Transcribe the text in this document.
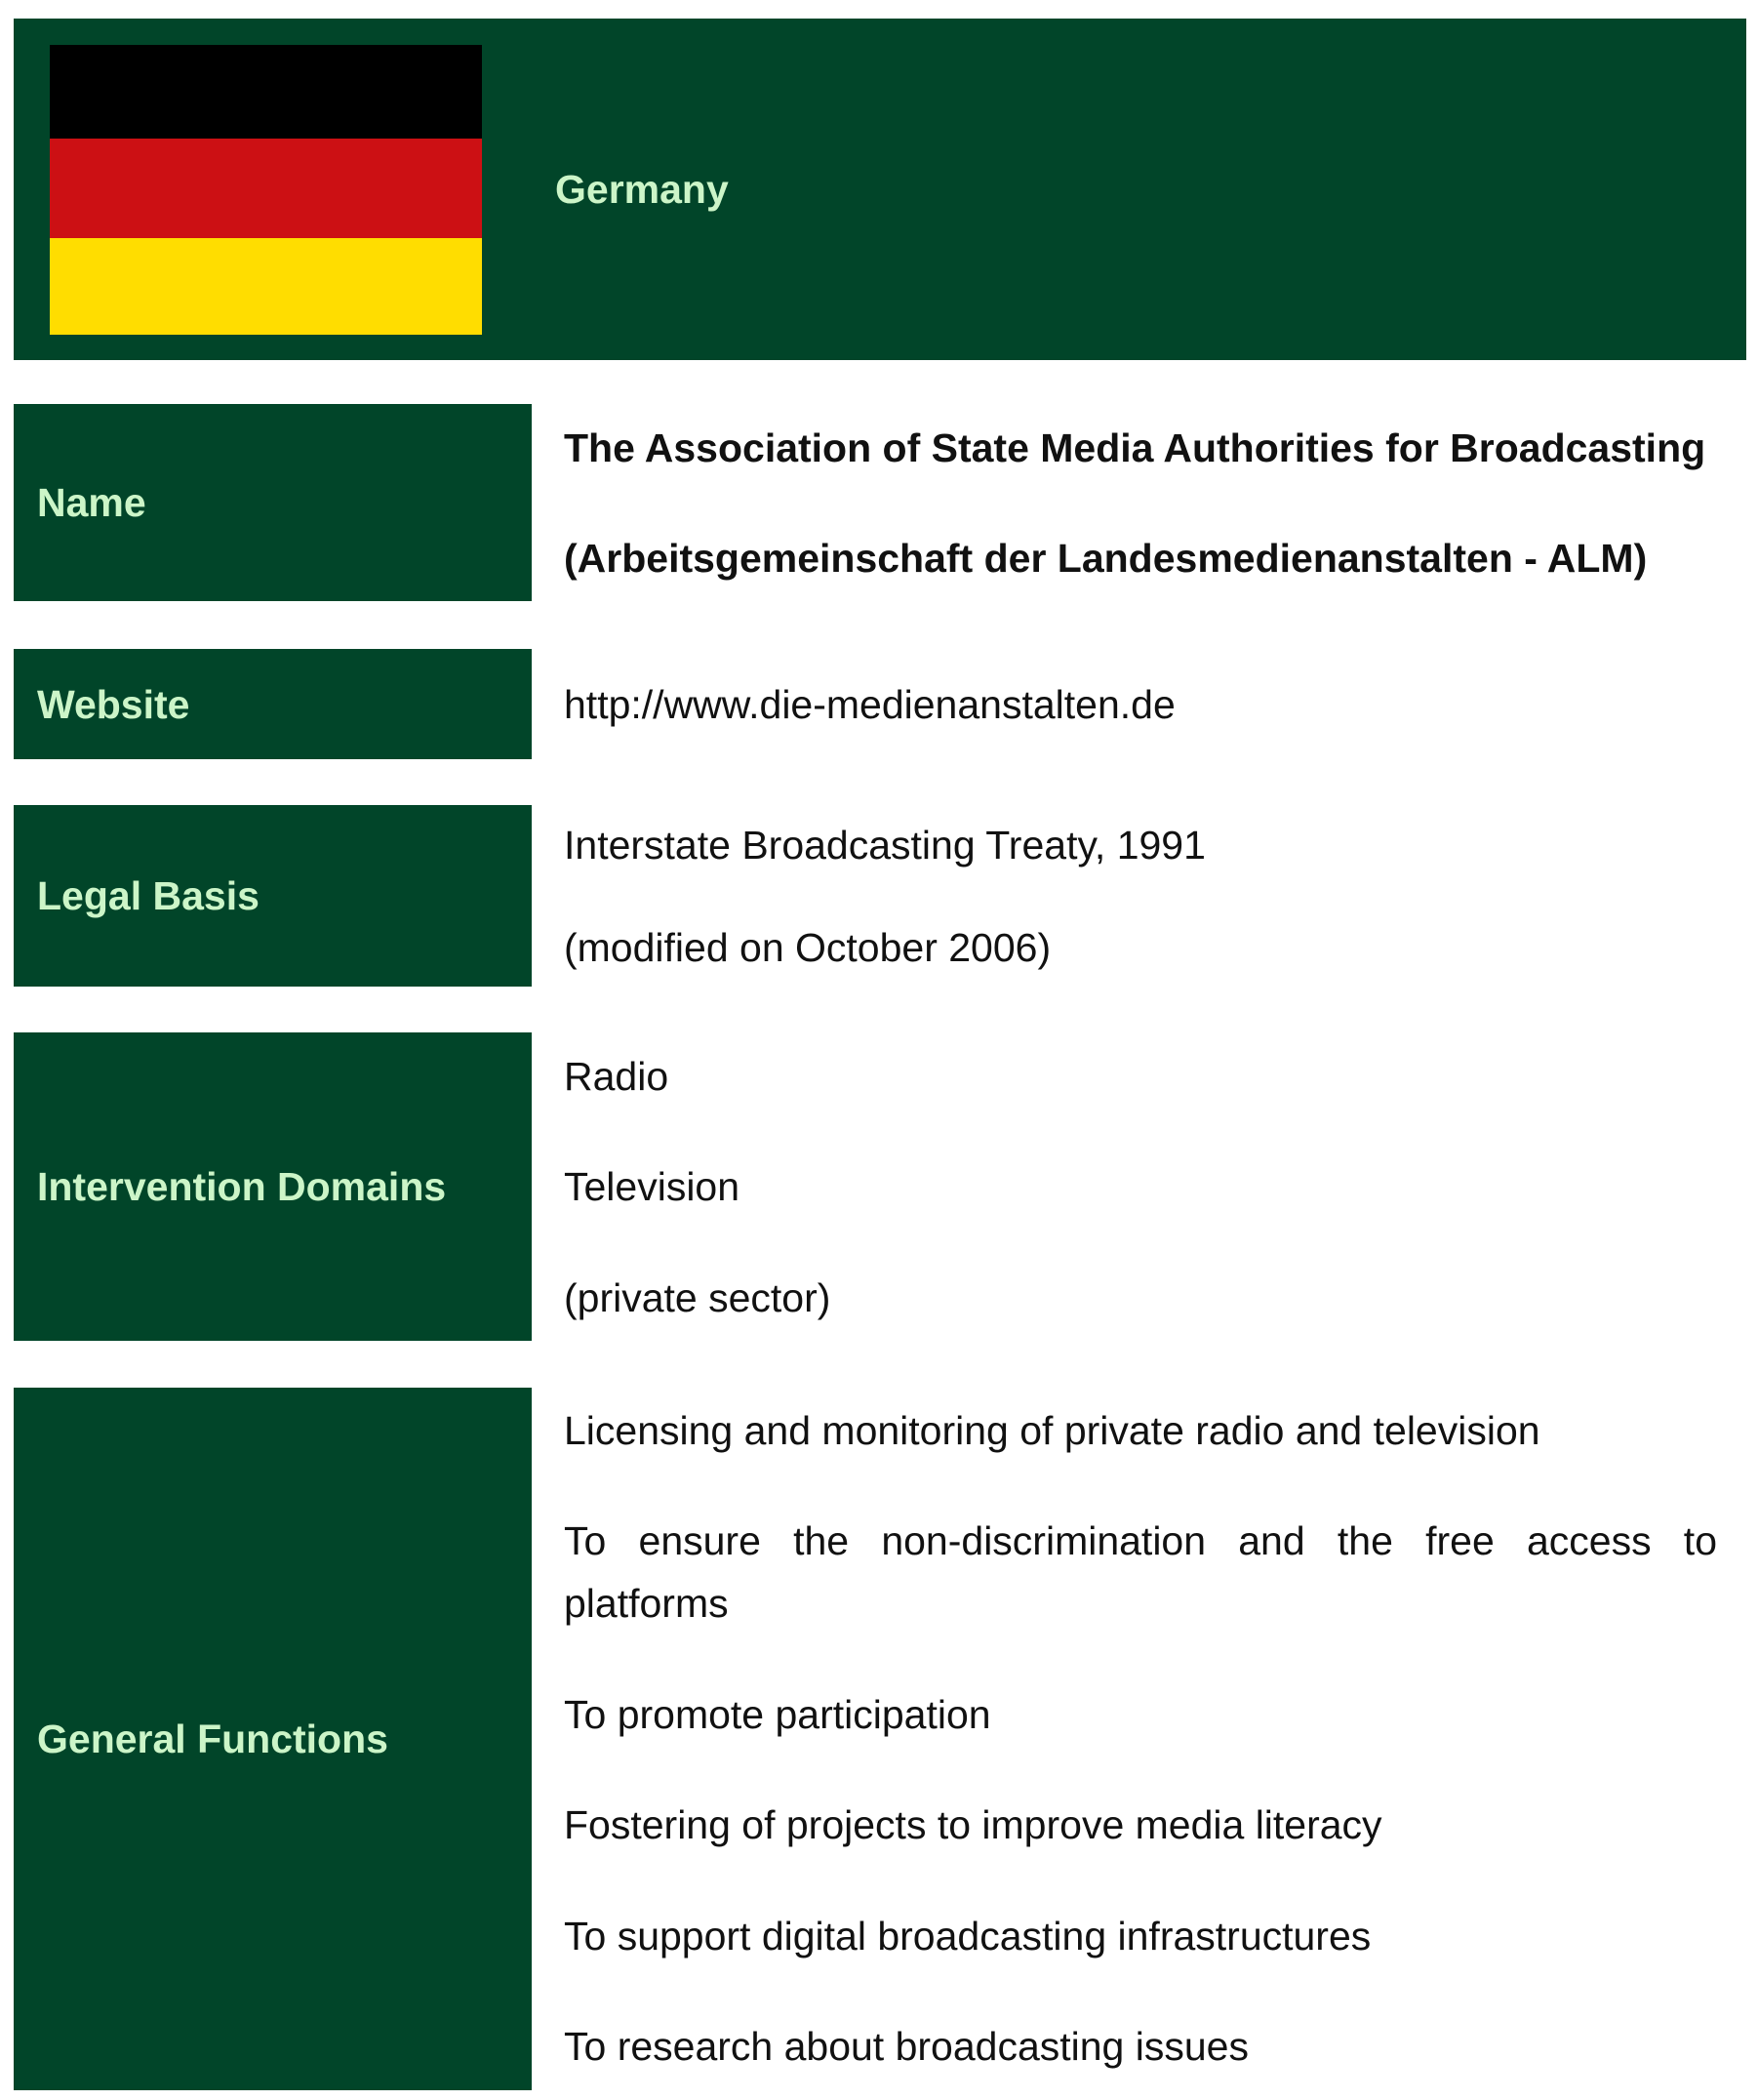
Germany
Name
The Association of State Media Authorities for Broadcasting
(Arbeitsgemeinschaft der Landesmedienanstalten - ALM)
Website	http://www.die-medienanstalten.de
Legal Basis
Interstate Broadcasting Treaty, 1991
(modified on October 2006)
Intervention Domains
Radio
Television
(private sector)
General Functions
Licensing and monitoring of private radio and television
To ensure the non-discrimination and the free access to
platforms
To promote participation
Fostering of projects to improve media literacy
To support digital broadcasting infrastructures
To research about broadcasting issues
